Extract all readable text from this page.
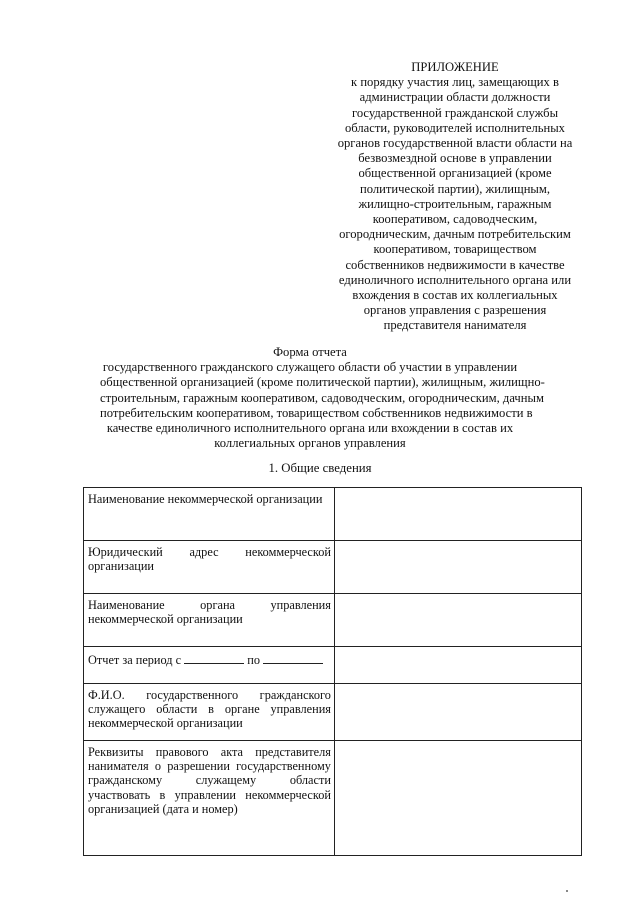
ПРИЛОЖЕНИЕ
к порядку участия лиц, замещающих в
администрации области должности
государственной гражданской службы
области, руководителей исполнительных
органов государственной власти области на
безвозмездной основе в управлении
общественной организацией (кроме
политической партии), жилищным,
жилищно-строительным, гаражным
кооперативом, садоводческим,
огородническим, дачным потребительским
кооперативом, товариществом
собственников недвижимости в качестве
единоличного исполнительного органа или
вхождения в состав их коллегиальных
органов управления с разрешения
представителя нанимателя
Форма отчета
государственного гражданского служащего области об участии в управлении
общественной организацией (кроме политической партии), жилищным, жилищно-
строительным, гаражным кооперативом, садоводческим, огородническим, дачным
потребительским кооперативом, товариществом собственников недвижимости в
качестве единоличного исполнительного органа или вхождении в состав их
коллегиальных органов управления
1. Общие сведения
Наименование некоммерческой организации	
Юридический адрес некоммерческой организации	
Наименование органа управления некоммерческой организации	
Отчет за период с по	
Ф.И.О. государственного гражданского служащего области в органе управления некоммерческой организации	
Реквизиты правового акта представителя нанимателя о разрешении государственному гражданскому служащему области участвовать в управлении некоммерческой организацией (дата и номер)	
